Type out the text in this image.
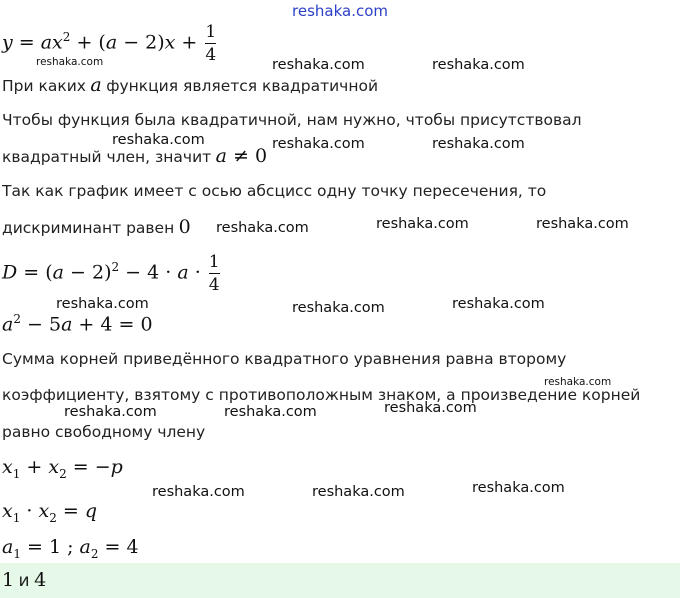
reshaka.com
$y = ax^2 + (a - 2)x + \frac{1}{4}$
При каких a функция является квадратичной
Чтобы функция была квадратичной, нам нужно, чтобы присутствовал
квадратный член, значит a ≠ 0
Так как график имеет с осью абсцисс одну точку пересечения, то
дискриминант равен 0
$D = (a - 2)^2 - 4 \cdot a \cdot \frac{1}{4}$
$a^2 - 5a + 4 = 0$
Сумма корней приведённого квадратного уравнения равна второму
коэффициенту, взятому с противоположным знаком, а произведение корней
равно свободному члену
$x_1 + x_2 = -p$
$x_1 \cdot x_2 = q$
$a_1 = 1$ ; $a_2 = 4$
1 и 4
reshaka.com	reshaka.com	reshaka.com
reshaka.com	reshaka.com	reshaka.com
reshaka.com	reshaka.com	reshaka.com
reshaka.com	reshaka.com	reshaka.com
reshaka.com
reshaka.com	reshaka.com	reshaka.com
reshaka.com	reshaka.com	reshaka.com
